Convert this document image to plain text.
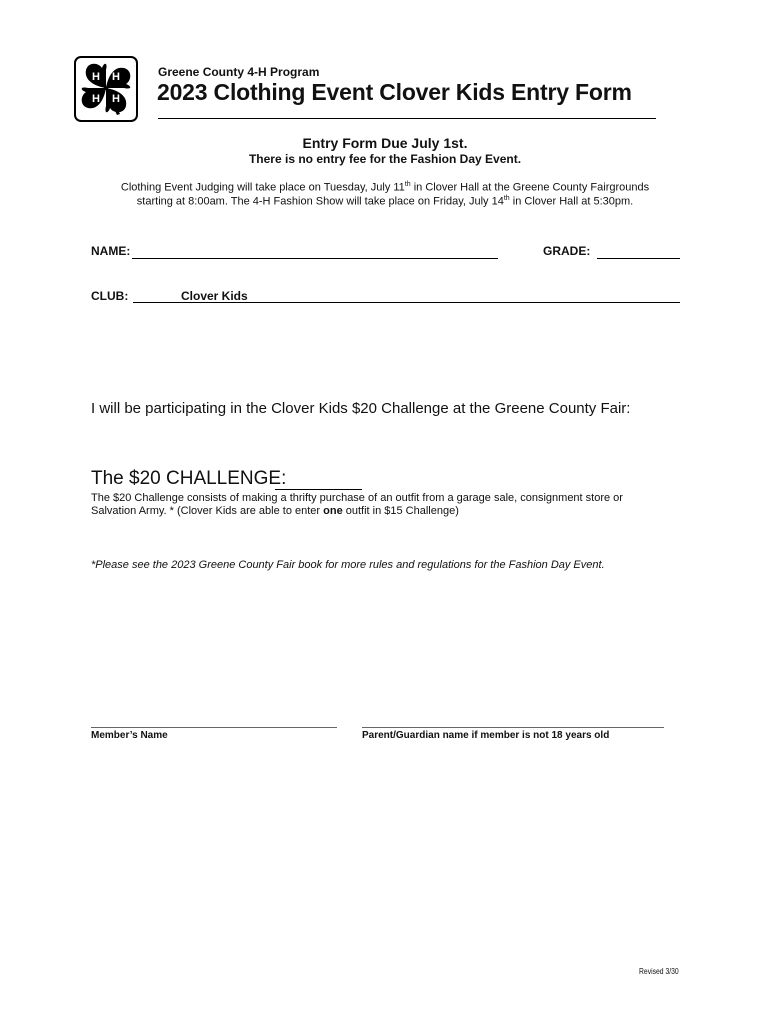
H H
H
H
Greene County 4-H Program
2023 Clothing Event Clover Kids Entry Form
Entry Form Due July 1st.
There is no entry fee for the Fashion Day Event.
Clothing Event Judging will take place on Tuesday, July 11th in Clover Hall at the Greene County Fairgrounds
starting at 8:00am. The 4-H Fashion Show will take place on Friday, July 14th in Clover Hall at 5:30pm.
NAME:	GRADE:
CLUB:	Clover Kids
I will be participating in the Clover Kids $20 Challenge at the Greene County Fair:
The $20 CHALLENGE:
The $20 Challenge consists of making a thrifty purchase of an outfit from a garage sale, consignment store or
Salvation Army. * (Clover Kids are able to enter one outfit in $15 Challenge)
*Please see the 2023 Greene County Fair book for more rules and regulations for the Fashion Day Event.
Member’s Name	Parent/Guardian name if member is not 18 years old
Revised 3/30
